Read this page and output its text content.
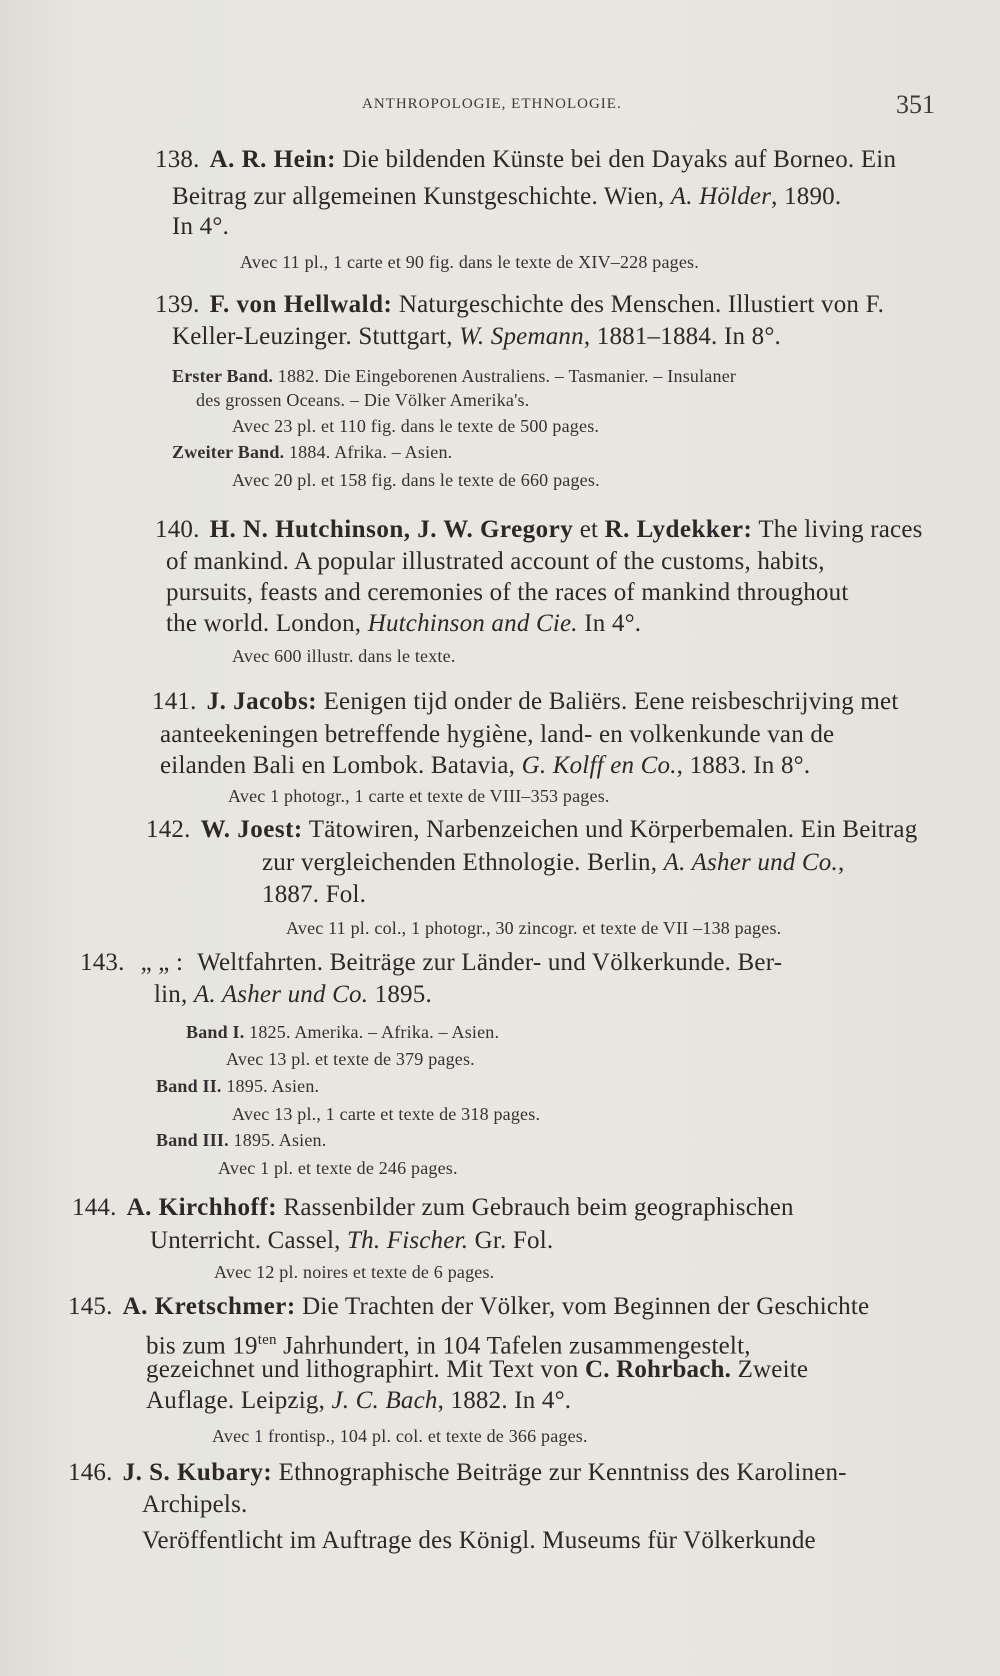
ANTHROPOLOGIE, ETHNOLOGIE.	351
138. A. R. Hein: Die bildenden Künste bei den Dayaks auf Borneo. Ein
Beitrag zur allgemeinen Kunstgeschichte. Wien, A. Hölder, 1890.
In 4°.
Avec 11 pl., 1 carte et 90 fig. dans le texte de XIV–228 pages.
139. F. von Hellwald: Naturgeschichte des Menschen. Illustiert von F.
Keller-Leuzinger. Stuttgart, W. Spemann, 1881–1884. In 8°.
Erster Band. 1882. Die Eingeborenen Australiens. – Tasmanier. – Insulaner
des grossen Oceans. – Die Völker Amerika's.
Avec 23 pl. et 110 fig. dans le texte de 500 pages.
Zweiter Band. 1884. Afrika. – Asien.
Avec 20 pl. et 158 fig. dans le texte de 660 pages.
140. H. N. Hutchinson, J. W. Gregory et R. Lydekker: The living races
of mankind. A popular illustrated account of the customs, habits,
pursuits, feasts and ceremonies of the races of mankind throughout
the world. London, Hutchinson and Cie. In 4°.
Avec 600 illustr. dans le texte.
141. J. Jacobs: Eenigen tijd onder de Baliërs. Eene reisbeschrijving met
aanteekeningen betreffende hygiène, land- en volkenkunde van de
eilanden Bali en Lombok. Batavia, G. Kolff en Co., 1883. In 8°.
Avec 1 photogr., 1 carte et texte de VIII–353 pages.
142. W. Joest: Tätowiren, Narbenzeichen und Körperbemalen. Ein Beitrag
zur vergleichenden Ethnologie. Berlin, A. Asher und Co.,
1887. Fol.
Avec 11 pl. col., 1 photogr., 30 zincogr. et texte de VII –138 pages.
143. „ „ : Weltfahrten. Beiträge zur Länder- und Völkerkunde. Ber-
lin, A. Asher und Co. 1895.
Band I. 1825. Amerika. – Afrika. – Asien.
Avec 13 pl. et texte de 379 pages.
Band II. 1895. Asien.
Avec 13 pl., 1 carte et texte de 318 pages.
Band III. 1895. Asien.
Avec 1 pl. et texte de 246 pages.
144. A. Kirchhoff: Rassenbilder zum Gebrauch beim geographischen
Unterricht. Cassel, Th. Fischer. Gr. Fol.
Avec 12 pl. noires et texte de 6 pages.
145. A. Kretschmer: Die Trachten der Völker, vom Beginnen der Geschichte
bis zum $19^{ten}$ Jahrhundert, in 104 Tafelen zusammengestelt,
gezeichnet und lithographirt. Mit Text von C. Rohrbach. Zweite
Auflage. Leipzig, J. C. Bach, 1882. In 4°.
Avec 1 frontisp., 104 pl. col. et texte de 366 pages.
146. J. S. Kubary: Ethnographische Beiträge zur Kenntniss des Karolinen-
Archipels.
Veröffentlicht im Auftrage des Königl. Museums für Völkerkunde
